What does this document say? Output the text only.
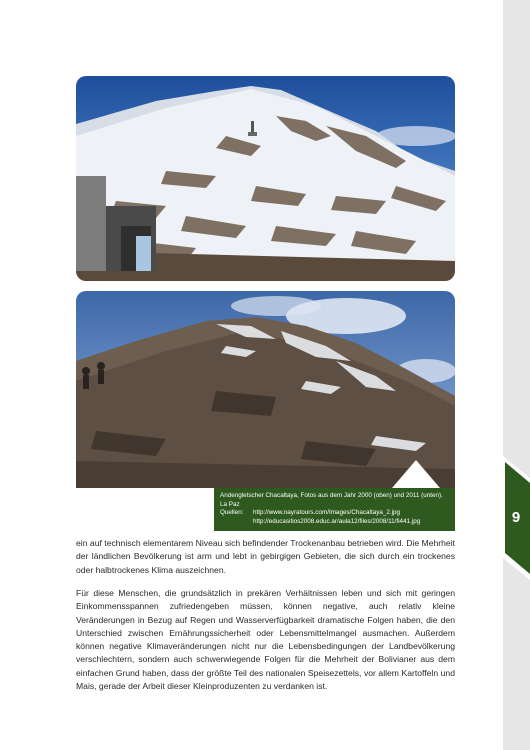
Andengletscher Chacaltaya, Fotos aus dem Jahr 2000 (oben) und 2011 (unten).
La Paz
Quellen:	http://www.nayratours.com/Images/Chacaltaya_2.jpg
http://educasitios2008.educ.ar/aula12/files/2008/11/fi441.jpg	9

ein auf technisch elementarem Niveau sich befindender Trockenanbau betrieben wird. Die Mehrheit der ländlichen Bevölkerung ist arm und lebt in gebirgigen Gebieten, die sich durch ein trockenes oder halbtrockenes Klima auszeichnen.

Für diese Menschen, die grundsätzlich in prekären Verhältnissen leben und sich mit geringen Einkommensspannen zufriedengeben müssen, können negative, auch relativ kleine Veränderungen in Bezug auf Regen und Wasserverfügbarkeit dramatische Folgen haben, die den Unterschied zwischen Ernährungssicherheit oder Lebensmittelmangel ausmachen. Außerdem können negative Klimaveränderungen nicht nur die Lebensbedingungen der Landbevölkerung verschlechtern, sondern auch schwerwiegende Folgen für die Mehrheit der Bolivianer aus dem einfachen Grund haben, dass der größte Teil des nationalen Speisezettels, vor allem Kartoffeln und Mais, gerade der Arbeit dieser Kleinproduzenten zu verdanken ist.
